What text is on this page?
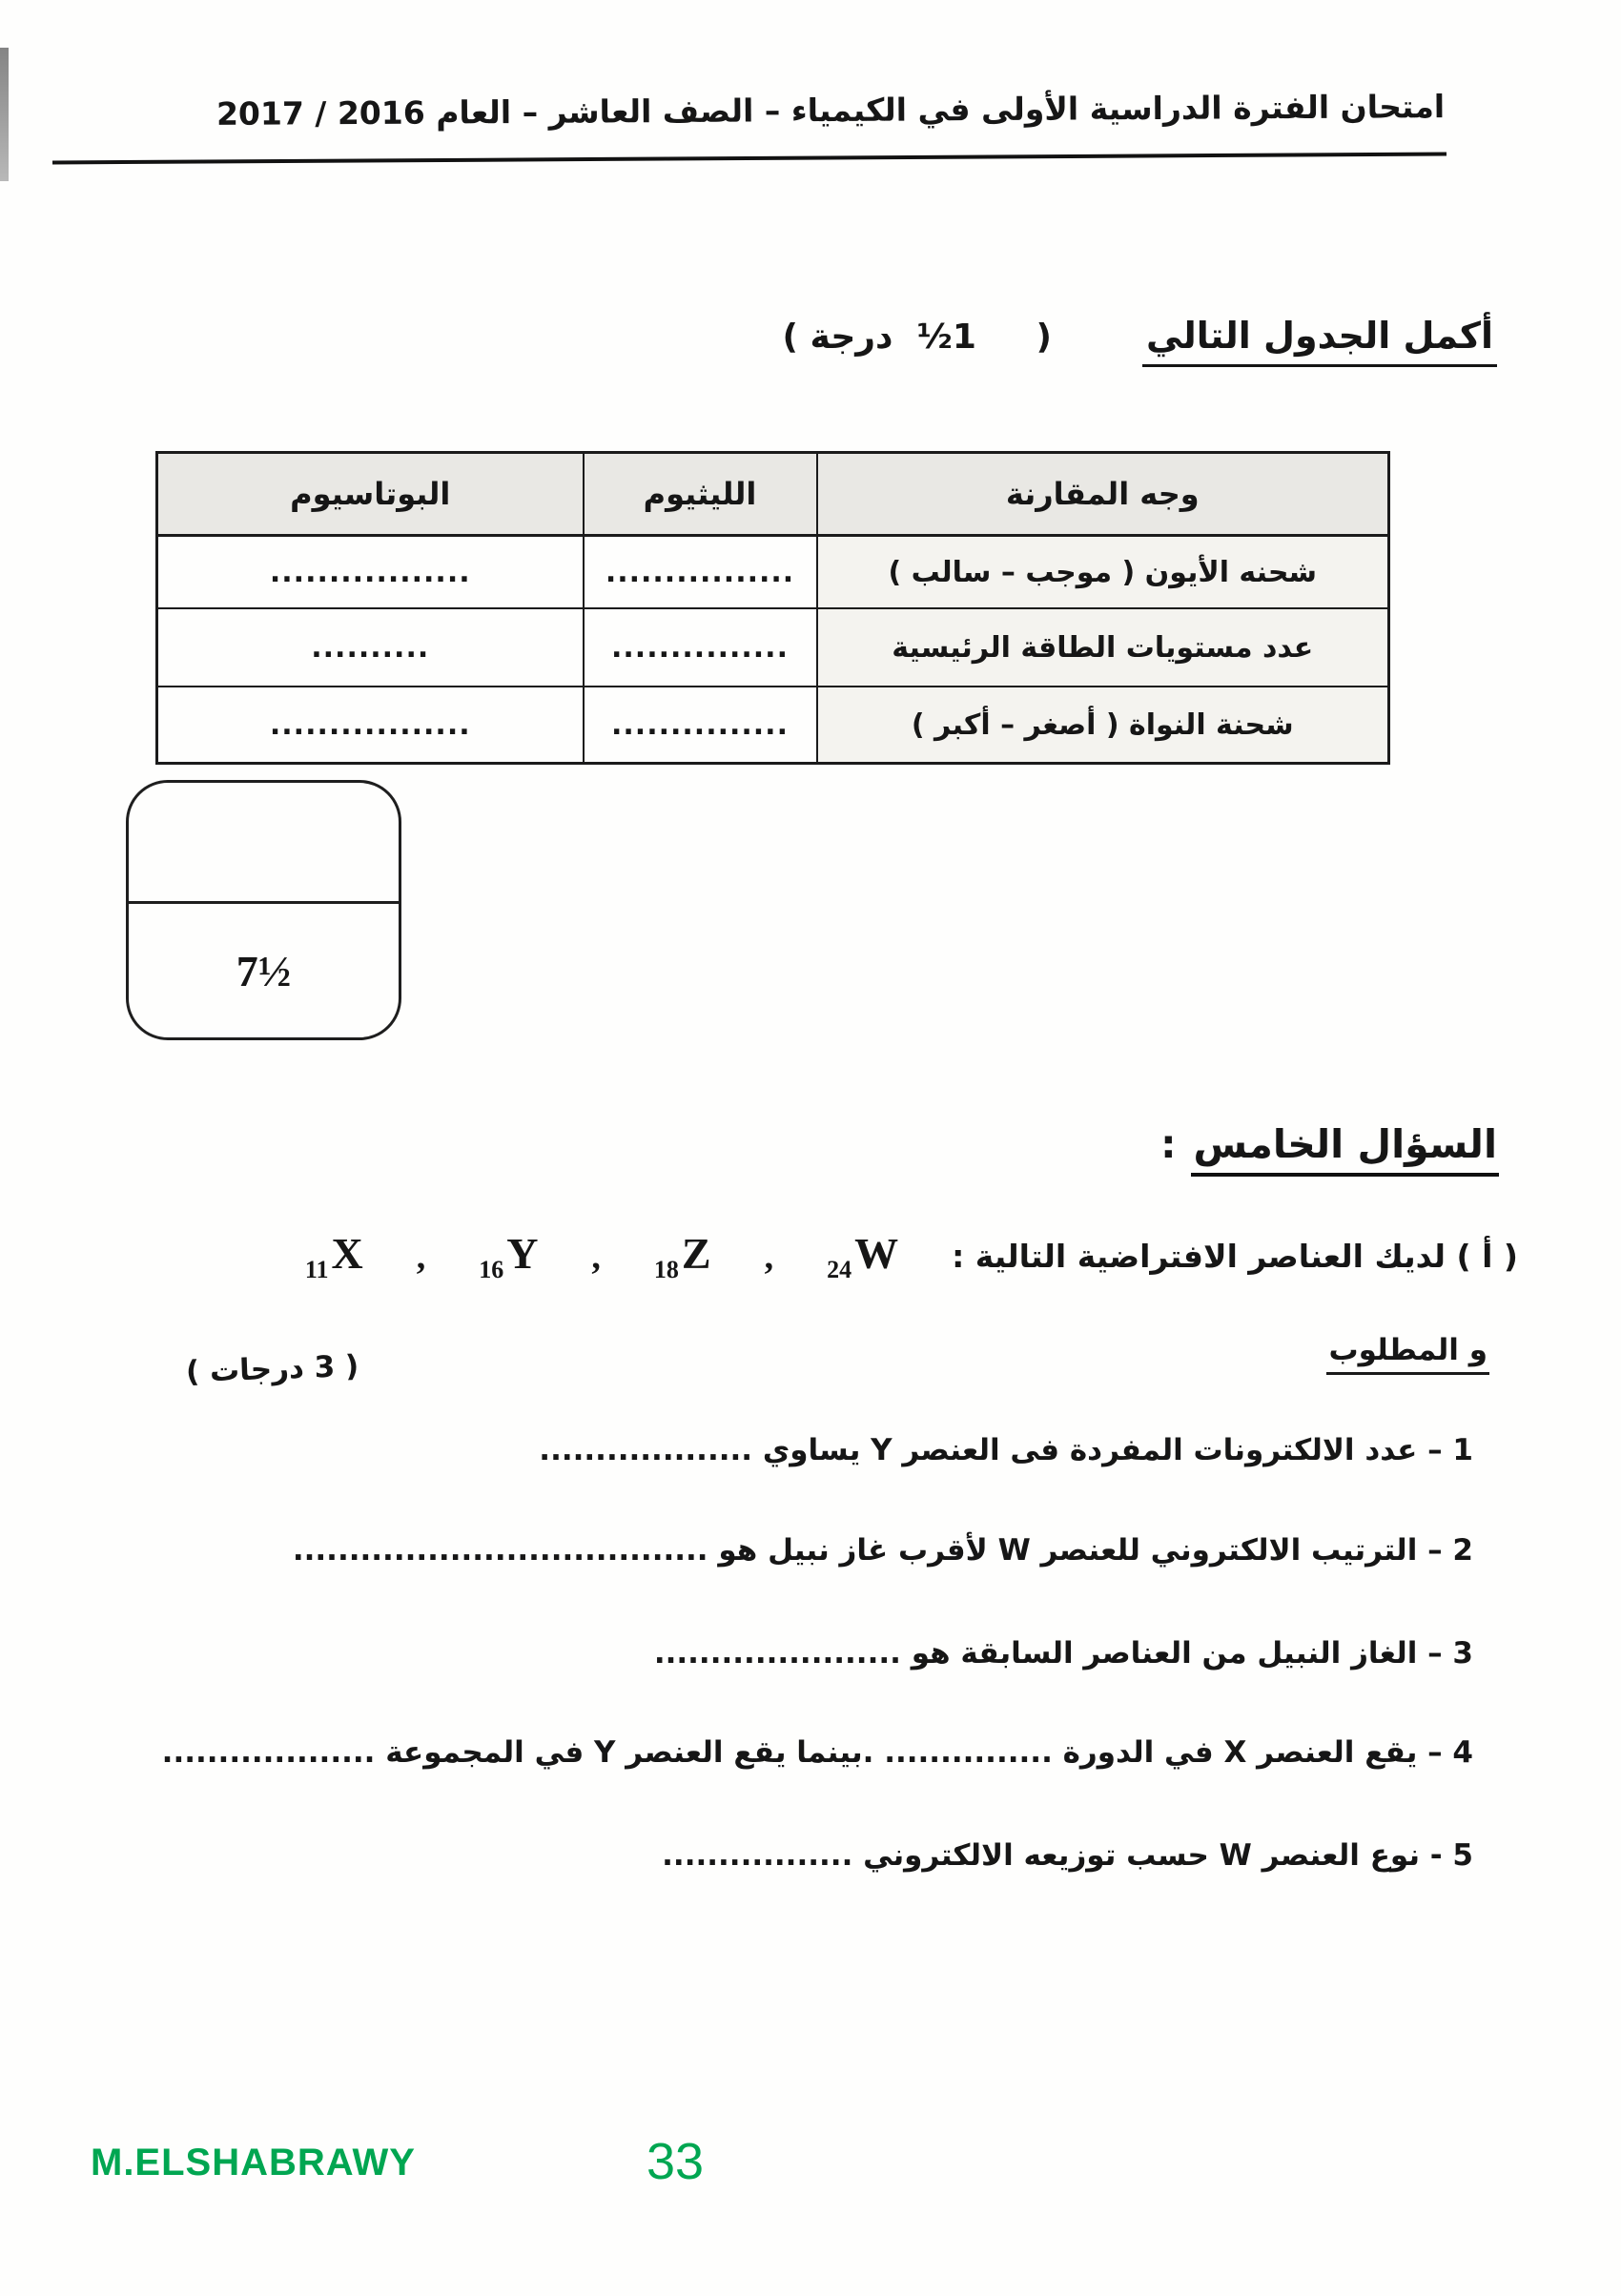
امتحان الفترة الدراسية الأولى في الكيمياء – الصف العاشر – العام 2016 / 2017
أكمل الجدول التالي
(     1½  درجة )
وجه المقارنة	الليثيوم	البوتاسيوم
شحنه الأيون ( موجب – سالب )	................	.................
عدد مستويات الطاقة الرئيسية	...............	..........
شحنة النواة ( أصغر – أكبر )	...............	.................
7½
السؤال الخامس
:
( أ ) لديك العناصر الافتراضية التالية :
$_{24}$W
,
$_{18}$Z
,
$_{16}$Y
,
$_{11}$X
و المطلوب
( 3 درجات )
1 – عدد الالكترونات المفردة فى العنصر Y يساوي ...................
2 – الترتيب الالكتروني للعنصر W لأقرب غاز نبيل هو .....................................
3 – الغاز النبيل من العناصر السابقة هو ......................
4 – يقع العنصر X في الدورة ............... .بينما يقع العنصر Y في المجموعة ...................
5 - نوع العنصر W حسب توزيعه الالكتروني .................
M.ELSHABRAWY	33
